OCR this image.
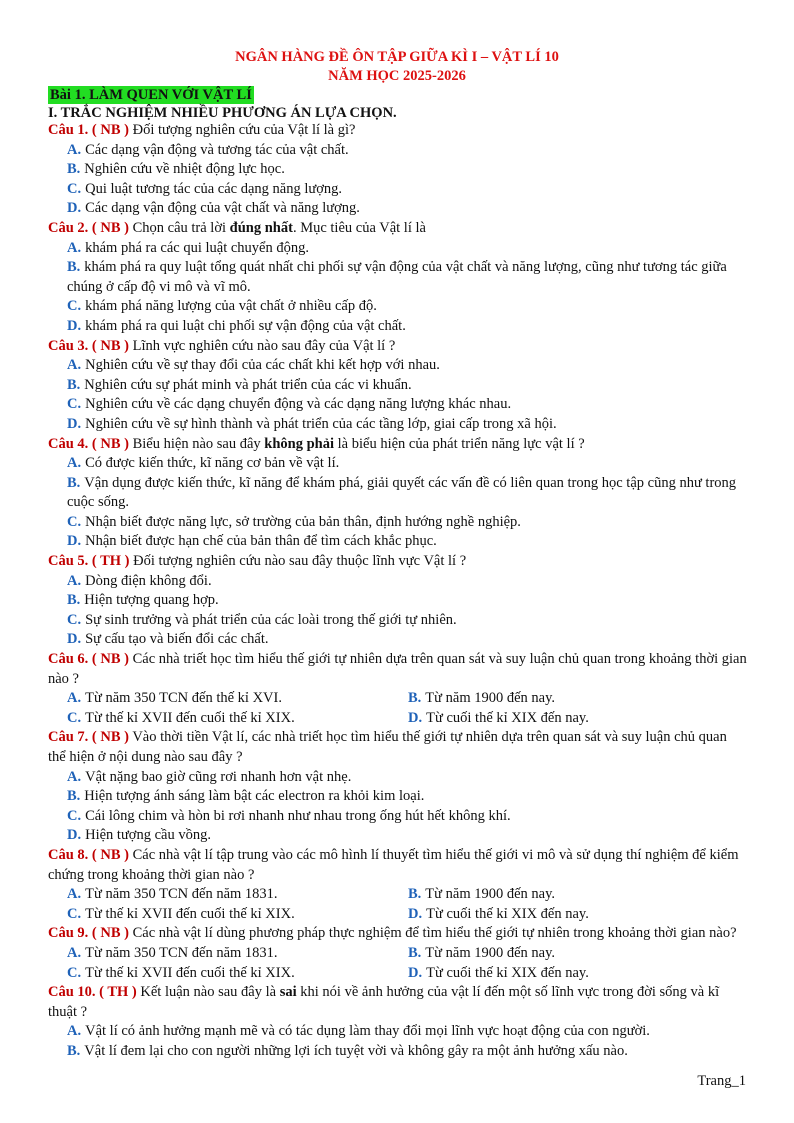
NGÂN HÀNG ĐỀ ÔN TẬP GIỮA KÌ I – VẬT LÍ 10
NĂM HỌC 2025-2026
Bài 1. LÀM QUEN VỚI VẬT LÍ
I. TRẮC NGHIỆM NHIỀU PHƯƠNG ÁN LỰA CHỌN.

Câu 1. ( NB ) Đối tượng nghiên cứu của Vật lí là gì?

A. Các dạng vận động và tương tác của vật chất.
B. Nghiên cứu về nhiệt động lực học.
C. Qui luật tương tác của các dạng năng lượng.
D. Các dạng vận động của vật chất và năng lượng.

Câu 2. ( NB ) Chọn câu trả lời đúng nhất. Mục tiêu của Vật lí là

A. khám phá ra các qui luật chuyển động.
B. khám phá ra quy luật tổng quát nhất chi phối sự vận động của vật chất và năng lượng, cũng như tương tác giữa chúng ở cấp độ vi mô và vĩ mô.
C. khám phá năng lượng của vật chất ở nhiều cấp độ.
D. khám phá ra qui luật chi phối sự vận động của vật chất.

Câu 3. ( NB ) Lĩnh vực nghiên cứu nào sau đây của Vật lí ?

A. Nghiên cứu về sự thay đổi của các chất khi kết hợp với nhau.
B. Nghiên cứu sự phát minh và phát triển của các vi khuẩn.
C. Nghiên cứu về các dạng chuyển động và các dạng năng lượng khác nhau.
D. Nghiên cứu về sự hình thành và phát triển của các tầng lớp, giai cấp trong xã hội.

Câu 4. ( NB ) Biểu hiện nào sau đây không phải là biểu hiện của phát triển năng lực vật lí ?

A. Có được kiến thức, kĩ năng cơ bản về vật lí.
B. Vận dụng được kiến thức, kĩ năng để khám phá, giải quyết các vấn đề có liên quan trong học tập cũng như trong cuộc sống.
C. Nhận biết được năng lực, sở trường của bản thân, định hướng nghề nghiệp.
D. Nhận biết được hạn chế của bản thân để tìm cách khắc phục.

Câu 5. ( TH ) Đối tượng nghiên cứu nào sau đây thuộc lĩnh vực Vật lí ?

A. Dòng điện không đổi.
B. Hiện tượng quang hợp.
C. Sự sinh trưởng và phát triển của các loài trong thế giới tự nhiên.
D. Sự cấu tạo và biến đổi các chất.

Câu 6. ( NB ) Các nhà triết học tìm hiểu thế giới tự nhiên dựa trên quan sát và suy luận chủ quan trong khoảng thời gian nào ?

A. Từ năm 350 TCN đến thế kỉ XVI.	B. Từ năm 1900 đến nay.
C. Từ thế kỉ XVII đến cuối thế kỉ XIX.	D. Từ cuối thế kỉ XIX đến nay.

Câu 7. ( NB ) Vào thời tiền Vật lí, các nhà triết học tìm hiểu thế giới tự nhiên dựa trên quan sát và suy luận chủ quan thể hiện ở nội dung nào sau đây ?

A. Vật nặng bao giờ cũng rơi nhanh hơn vật nhẹ.
B. Hiện tượng ánh sáng làm bật các electron ra khỏi kim loại.
C. Cái lông chim và hòn bi rơi nhanh như nhau trong ống hút hết không khí.
D. Hiện tượng cầu vồng.

Câu 8. ( NB ) Các nhà vật lí tập trung vào các mô hình lí thuyết tìm hiểu thế giới vi mô và sử dụng thí nghiệm để kiểm chứng trong khoảng thời gian nào ?

A. Từ năm 350 TCN đến năm 1831.	B. Từ năm 1900 đến nay.
C. Từ thế kỉ XVII đến cuối thế kỉ XIX.	D. Từ cuối thế kỉ XIX đến nay.

Câu 9. ( NB ) Các nhà vật lí dùng phương pháp thực nghiệm để tìm hiểu thế giới tự nhiên trong khoảng thời gian nào?

A. Từ năm 350 TCN đến năm 1831.	B. Từ năm 1900 đến nay.
C. Từ thế kỉ XVII đến cuối thế kỉ XIX.	D. Từ cuối thế kỉ XIX đến nay.

Câu 10. ( TH ) Kết luận nào sau đây là sai khi nói về ảnh hưởng của vật lí đến một số lĩnh vực trong đời sống và kĩ thuật ?

A. Vật lí có ảnh hưởng mạnh mẽ và có tác dụng làm thay đổi mọi lĩnh vực hoạt động của con người.
B. Vật lí đem lại cho con người những lợi ích tuyệt vời và không gây ra một ảnh hưởng xấu nào.
Trang_1
